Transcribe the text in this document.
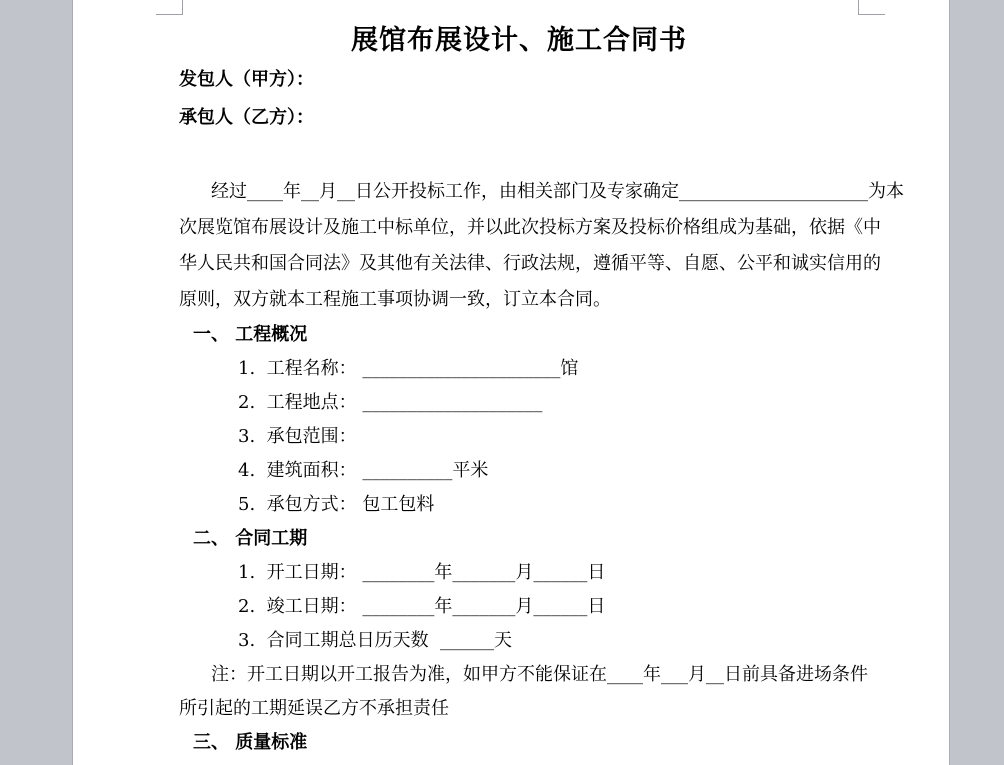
展馆布展设计、施工合同书
发包人（甲方）：
承包人（乙方）：
经过____年__月__日公开投标工作，由相关部门及专家确定_____________________为本
次展览馆布展设计及施工中标单位，并以此次投标方案及投标价格组成为基础，依据《中
华人民共和国合同法》及其他有关法律、行政法规，遵循平等、自愿、公平和诚实信用的
原则，双方就本工程施工事项协调一致，订立本合同。
一、 工程概况
1.  工程名称： ______________________馆
2.  工程地点： ____________________
3.  承包范围：
4.  建筑面积： __________平米
5.  承包方式： 包工包料
二、 合同工期
1.  开工日期： ________年_______月______日
2.  竣工日期： ________年_______月______日
3.  合同工期总日历天数  ______天
注：开工日期以开工报告为准，如甲方不能保证在____年___月__日前具备进场条件
所引起的工期延误乙方不承担责任
三、 质量标准
